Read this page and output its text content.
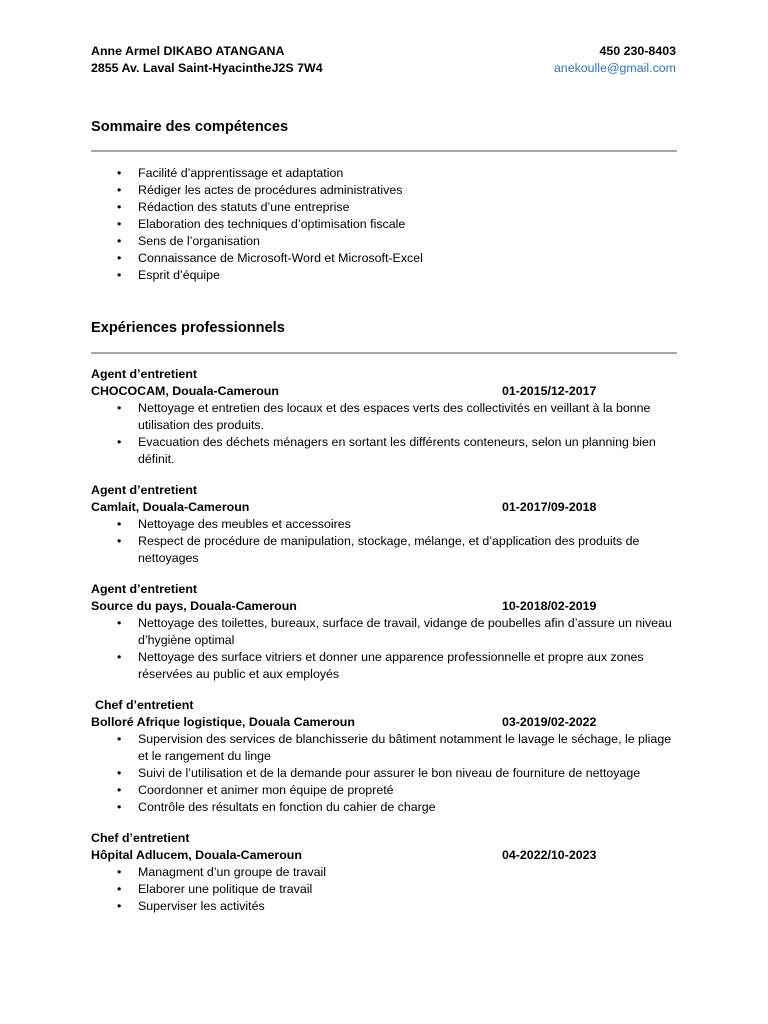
Anne Armel DIKABO ATANGANA
2855 Av. Laval Saint-HyacintheJ2S 7W4
450 230-8403
anekoulle@gmail.com
Sommaire des compétences
• Facilité d’apprentissage et adaptation
• Rédiger les actes de procédures administratives
• Rédaction des statuts d’une entreprise
• Elaboration des techniques d’optimisation fiscale
• Sens de l’organisation
• Connaissance de Microsoft-Word et Microsoft-Excel
• Esprit d’équipe
Expériences professionnels
Agent d’entretient
CHOCOCAM, Douala-Cameroun	01-2015/12-2017
• Nettoyage et entretien des locaux et des espaces verts des collectivités en veillant à la bonne utilisation des produits.
• Evacuation des déchets ménagers en sortant les différents conteneurs, selon un planning bien définit.
Agent d’entretient
Camlait, Douala-Cameroun	01-2017/09-2018
• Nettoyage des meubles et accessoires
• Respect de procédure de manipulation, stockage, mélange, et d’application des produits de nettoyages
Agent d’entretient
Source du pays, Douala-Cameroun	10-2018/02-2019
• Nettoyage des toilettes, bureaux, surface de travail, vidange de poubelles afin d’assure un niveau d’hygiène optimal
• Nettoyage des surface vitriers et donner une apparence professionnelle et propre aux zones réservées au public et aux employés
Chef d’entretient
Bolloré Afrique logistique, Douala Cameroun	03-2019/02-2022
• Supervision des services de blanchisserie du bâtiment notamment le lavage le séchage, le pliage et le rangement du linge
• Suivi de l’utilisation et de la demande pour assurer le bon niveau de fourniture de nettoyage
• Coordonner et animer mon équipe de propreté
• Contrôle des résultats en fonction du cahier de charge
Chef d’entretient
Hôpital Adlucem, Douala-Cameroun	04-2022/10-2023
• Managment d’un groupe de travail
• Elaborer une politique de travail
• Superviser les activités
